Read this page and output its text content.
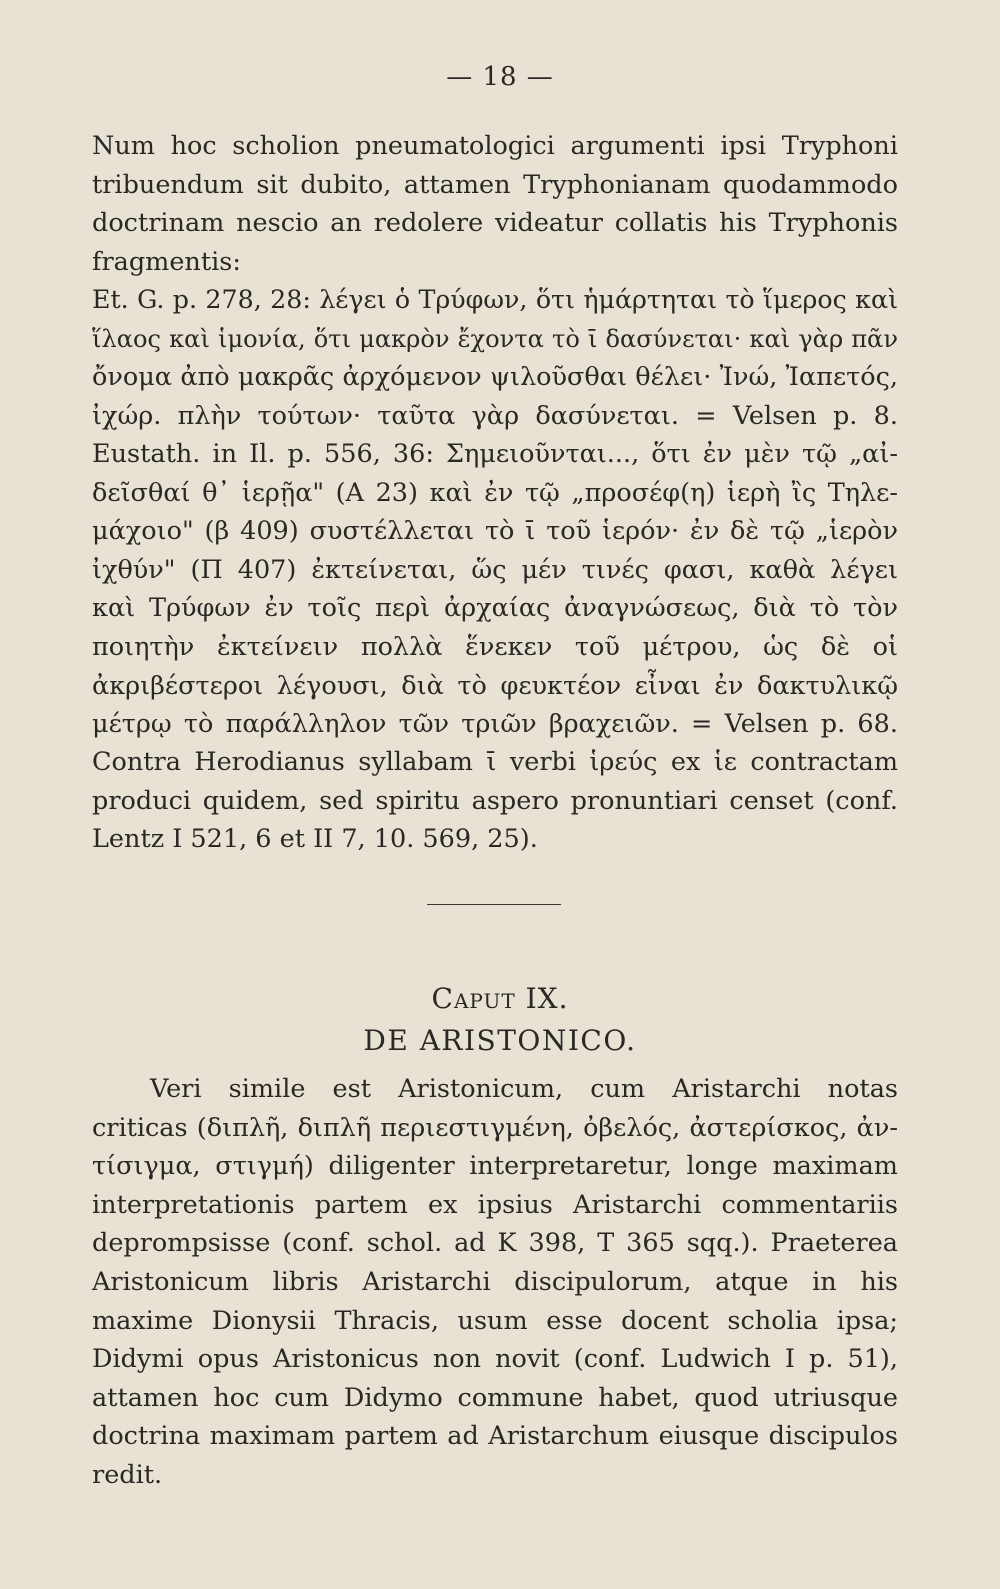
— 18 —

Num hoc scholion pneumatologici argumenti ipsi Tryphoni
tribuendum sit dubito, attamen Tryphonianam quodammodo
doctrinam nescio an redolere videatur collatis his Tryphonis
fragmentis:

Et. G. p. 278, 28: λέγει ὁ Τρύφων, ὅτι ἡμάρτηται τὸ ἵμερος καὶ
ἵλαος καὶ ἱμονία, ὅτι μακρὸν ἔχοντα τὸ ῑ δασύνεται· καὶ γὰρ πᾶν
ὄνομα ἀπὸ μακρᾶς ἀρχόμενον ψιλοῦσθαι θέλει· Ἰνώ, Ἰαπετός,
ἰχώρ. πλὴν τούτων· ταῦτα γὰρ δασύνεται. = Velsen p. 8.

Eustath. in Il. p. 556, 36: Σημειοῦνται..., ὅτι ἐν μὲν τῷ „αἰ-
δεῖσθαί θ᾽ ἱερῇα" (Α 23) καὶ ἐν τῷ „προσέφ(η) ἱερὴ ἲς Τηλε-
μάχοιο" (β 409) συστέλλεται τὸ ῑ τοῦ ἱερόν· ἐν δὲ τῷ „ἱερὸν
ἰχθύν" (Π 407) ἐκτείνεται, ὥς μέν τινές φασι, καθὰ λέγει
καὶ Τρύφων ἐν τοῖς περὶ ἀρχαίας ἀναγνώσεως, διὰ τὸ τὸν
ποιητὴν ἐκτείνειν πολλὰ ἕνεκεν τοῦ μέτρου, ὡς δὲ οἱ
ἀκριβέστεροι λέγουσι, διὰ τὸ φευκτέον εἶναι ἐν δακτυλικῷ
μέτρῳ τὸ παράλληλον τῶν τριῶν βραχειῶν. = Velsen p. 68.

Contra Herodianus syllabam ῑ verbi ἱρεύς ex ἱε contractam
produci quidem, sed spiritu aspero pronuntiari censet (conf.
Lentz I 521, 6 et II 7, 10. 569, 25).

Caput IX.
DE ARISTONICO.

Veri simile est Aristonicum, cum Aristarchi notas
criticas (διπλῆ, διπλῆ περιεστιγμένη, ὀβελός, ἀστερίσκος, ἀν-
τίσιγμα, στιγμή) diligenter interpretaretur, longe maximam
interpretationis partem ex ipsius Aristarchi commentariis
deprompsisse (conf. schol. ad Κ 398, Τ 365 sqq.). Praeterea
Aristonicum libris Aristarchi discipulorum, atque in his
maxime Dionysii Thracis, usum esse docent scholia ipsa;
Didymi opus Aristonicus non novit (conf. Ludwich I p. 51),
attamen hoc cum Didymo commune habet, quod utriusque
doctrina maximam partem ad Aristarchum eiusque discipulos
redit.
